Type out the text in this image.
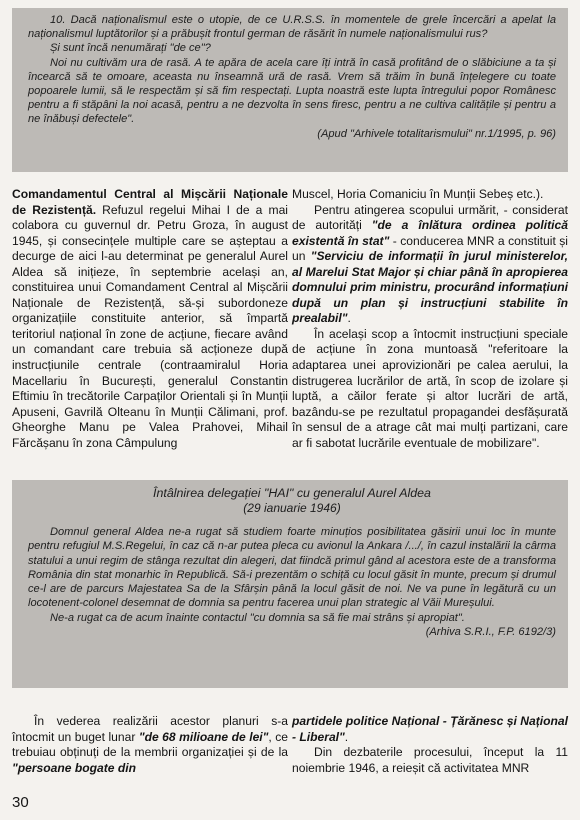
10. Dacă naționalismul este o utopie, de ce U.R.S.S. în momentele de grele încercări a apelat la naționalismul luptătorilor și a prăbușit frontul german de răsărit în numele naționalismului rus?

Și sunt încă nenumărați "de ce"?

Noi nu cultivăm ura de rasă. A te apăra de acela care îți intră în casă profitând de o slăbiciune a ta și încearcă să te omoare, aceasta nu înseamnă ură de rasă. Vrem să trăim în bună înțelegere cu toate popoarele lumii, să le respectăm și să fim respectați. Lupta noastră este lupta întregului popor Românesc pentru a fi stăpâni la noi acasă, pentru a ne dezvolta în sens firesc, pentru a ne cultiva calitățile și pentru a ne înăbuși defectele".

(Apud "Arhivele totalitarismului" nr.1/1995, p. 96)

Comandamentul Central al Mișcării Naționale de Rezistență. Refuzul regelui Mihai I de a mai colabora cu guvernul dr. Petru Groza, în august 1945, și consecințele multiple care se așteptau a decurge de aici l-au determinat pe generalul Aurel Aldea să inițieze, în septembrie același an, constituirea unui Comandament Central al Mișcării Naționale de Rezistență, să-și subordoneze organizațiile constituite anterior, să împartă teritoriul național în zone de acțiune, fiecare având un comandant care trebuia să acționeze după instrucțiunile centrale (contraamiralul Horia Macellariu în București, generalul Constantin Eftimiu în trecătorile Carpaților Orientali și în Munții Apuseni, Gavrilă Olteanu în Munții Călimani, prof. Gheorghe Manu pe Valea Prahovei, Mihail Fărcășanu în zona Câmpulung

Muscel, Horia Comaniciu în Munții Sebeș etc.).

Pentru atingerea scopului urmărit, - considerat de autorități "de a înlătura ordinea politică existentă în stat" - conducerea MNR a constituit și un "Serviciu de informații în jurul ministerelor, al Marelui Stat Major și chiar până în apropierea domnului prim ministru, procurând informațiuni după un plan și instrucțiuni stabilite în prealabil".

În același scop a întocmit instrucțiuni speciale de acțiune în zona muntoasă "referitoare la adaptarea unei aprovizionări pe calea aerului, la distrugerea lucrărilor de artă, în scop de izolare și luptă, a căilor ferate și altor lucrări de artă, bazându-se pe rezultatul propagandei desfășurată în sensul de a atrage cât mai mulți partizani, care ar fi sabotat lucrările eventuale de mobilizare".

Întâlnirea delegației "HAI" cu generalul Aurel Aldea

(29 ianuarie 1946)

Domnul general Aldea ne-a rugat să studiem foarte minuțios posibilitatea găsirii unui loc în munte pentru refugiul M.S.Regelui, în caz că n-ar putea pleca cu avionul la Ankara /.../, în cazul instalării la cârma statului a unui regim de stânga rezultat din alegeri, dat fiindcă primul gând al acestora este de a transforma România din stat monarhic în Republică. Să-i prezentăm o schiță cu locul găsit în munte, precum și drumul ce-l are de parcurs Majestatea Sa de la Sfârșin până la locul găsit de noi. Ne va pune în legătură cu un locotenent-colonel desemnat de domnia sa pentru facerea unui plan strategic al Văii Mureșului.

Ne-a rugat ca de acum înainte contactul "cu domnia sa să fie mai strâns și apropiat".

(Arhiva S.R.I., F.P. 6192/3)

În vederea realizării acestor planuri s-a întocmit un buget lunar "de 68 milioane de lei", ce trebuiau obținuți de la membrii organizației și de la "persoane bogate din

partidele politice Național - Țărănesc și Național - Liberal".

Din dezbaterile procesului, început la 11 noiembrie 1946, a reieșit că activitatea MNR

30
